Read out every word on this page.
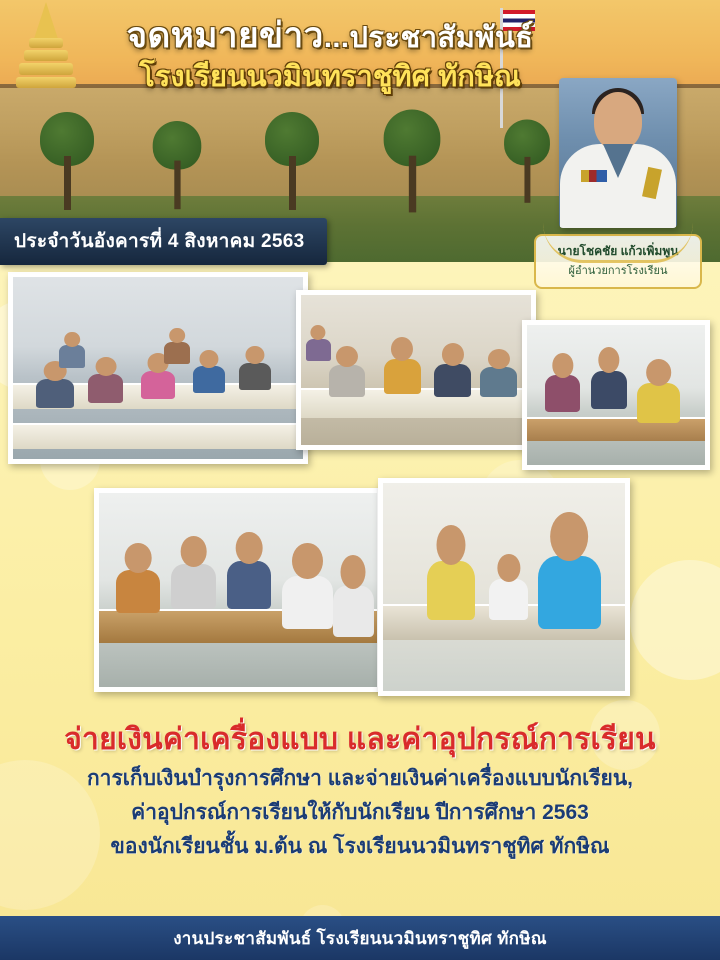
จดหมายข่าว...ประชาสัมพันธ์
โรงเรียนนวมินทราชูทิศ ทักษิณ
ประจำวันอังคารที่ 4 สิงหาคม 2563	นายโชคชัย แก้วเพิ่มพูน
ผู้อำนวยการโรงเรียน
จ่ายเงินค่าเครื่องแบบ และค่าอุปกรณ์การเรียน
การเก็บเงินบำรุงการศึกษา และจ่ายเงินค่าเครื่องแบบนักเรียน,
ค่าอุปกรณ์การเรียนให้กับนักเรียน ปีการศึกษา 2563
ของนักเรียนชั้น ม.ต้น ณ โรงเรียนนวมินทราชูทิศ ทักษิณ
งานประชาสัมพันธ์ โรงเรียนนวมินทราชูทิศ ทักษิณ
